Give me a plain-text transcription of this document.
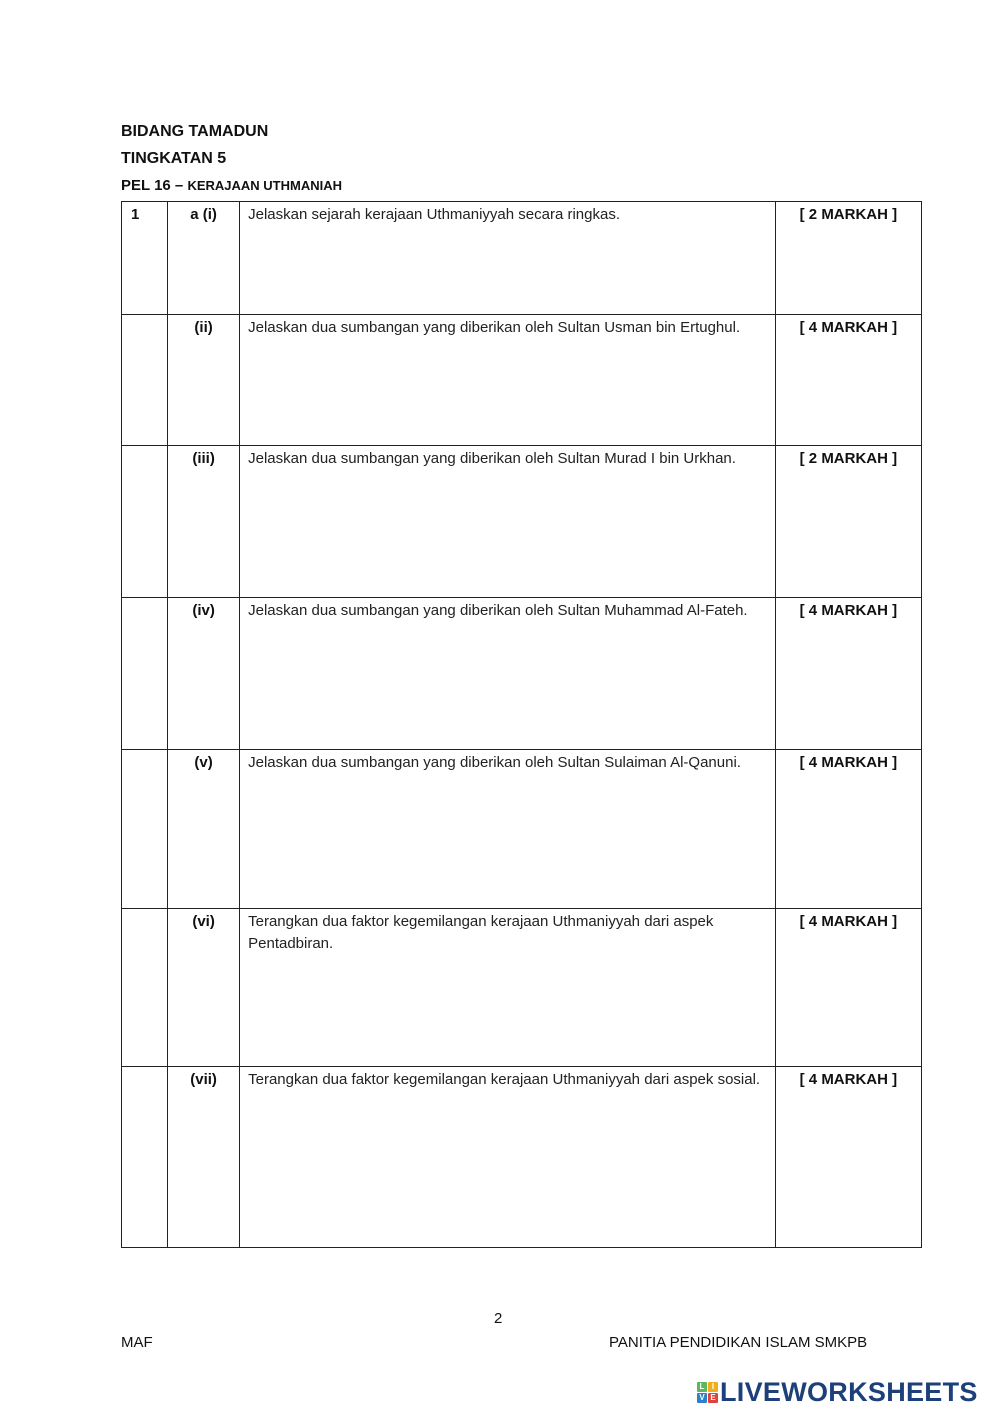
BIDANG TAMADUN
TINGKATAN 5
PEL 16 – KERAJAAN UTHMANIAH
1	a (i)	Jelaskan sejarah kerajaan Uthmaniyyah secara ringkas.	[ 2 MARKAH ]
	(ii)	Jelaskan dua sumbangan yang diberikan oleh Sultan Usman bin Ertughul.	[ 4 MARKAH ]
	(iii)	Jelaskan dua sumbangan yang diberikan oleh Sultan Murad I bin Urkhan.	[ 2 MARKAH ]
	(iv)	Jelaskan dua sumbangan yang diberikan oleh Sultan Muhammad Al-Fateh.	[ 4 MARKAH ]
	(v)	Jelaskan dua sumbangan yang diberikan oleh Sultan Sulaiman Al-Qanuni.	[ 4 MARKAH ]
	(vi)	Terangkan dua faktor kegemilangan kerajaan Uthmaniyyah dari aspek Pentadbiran.	[ 4 MARKAH ]
	(vii)	Terangkan dua faktor kegemilangan kerajaan Uthmaniyyah dari aspek sosial.	[ 4 MARKAH ]
2
MAF	PANITIA PENDIDIKAN ISLAM SMKPB
L I
V E LIVEWORKSHEETS
